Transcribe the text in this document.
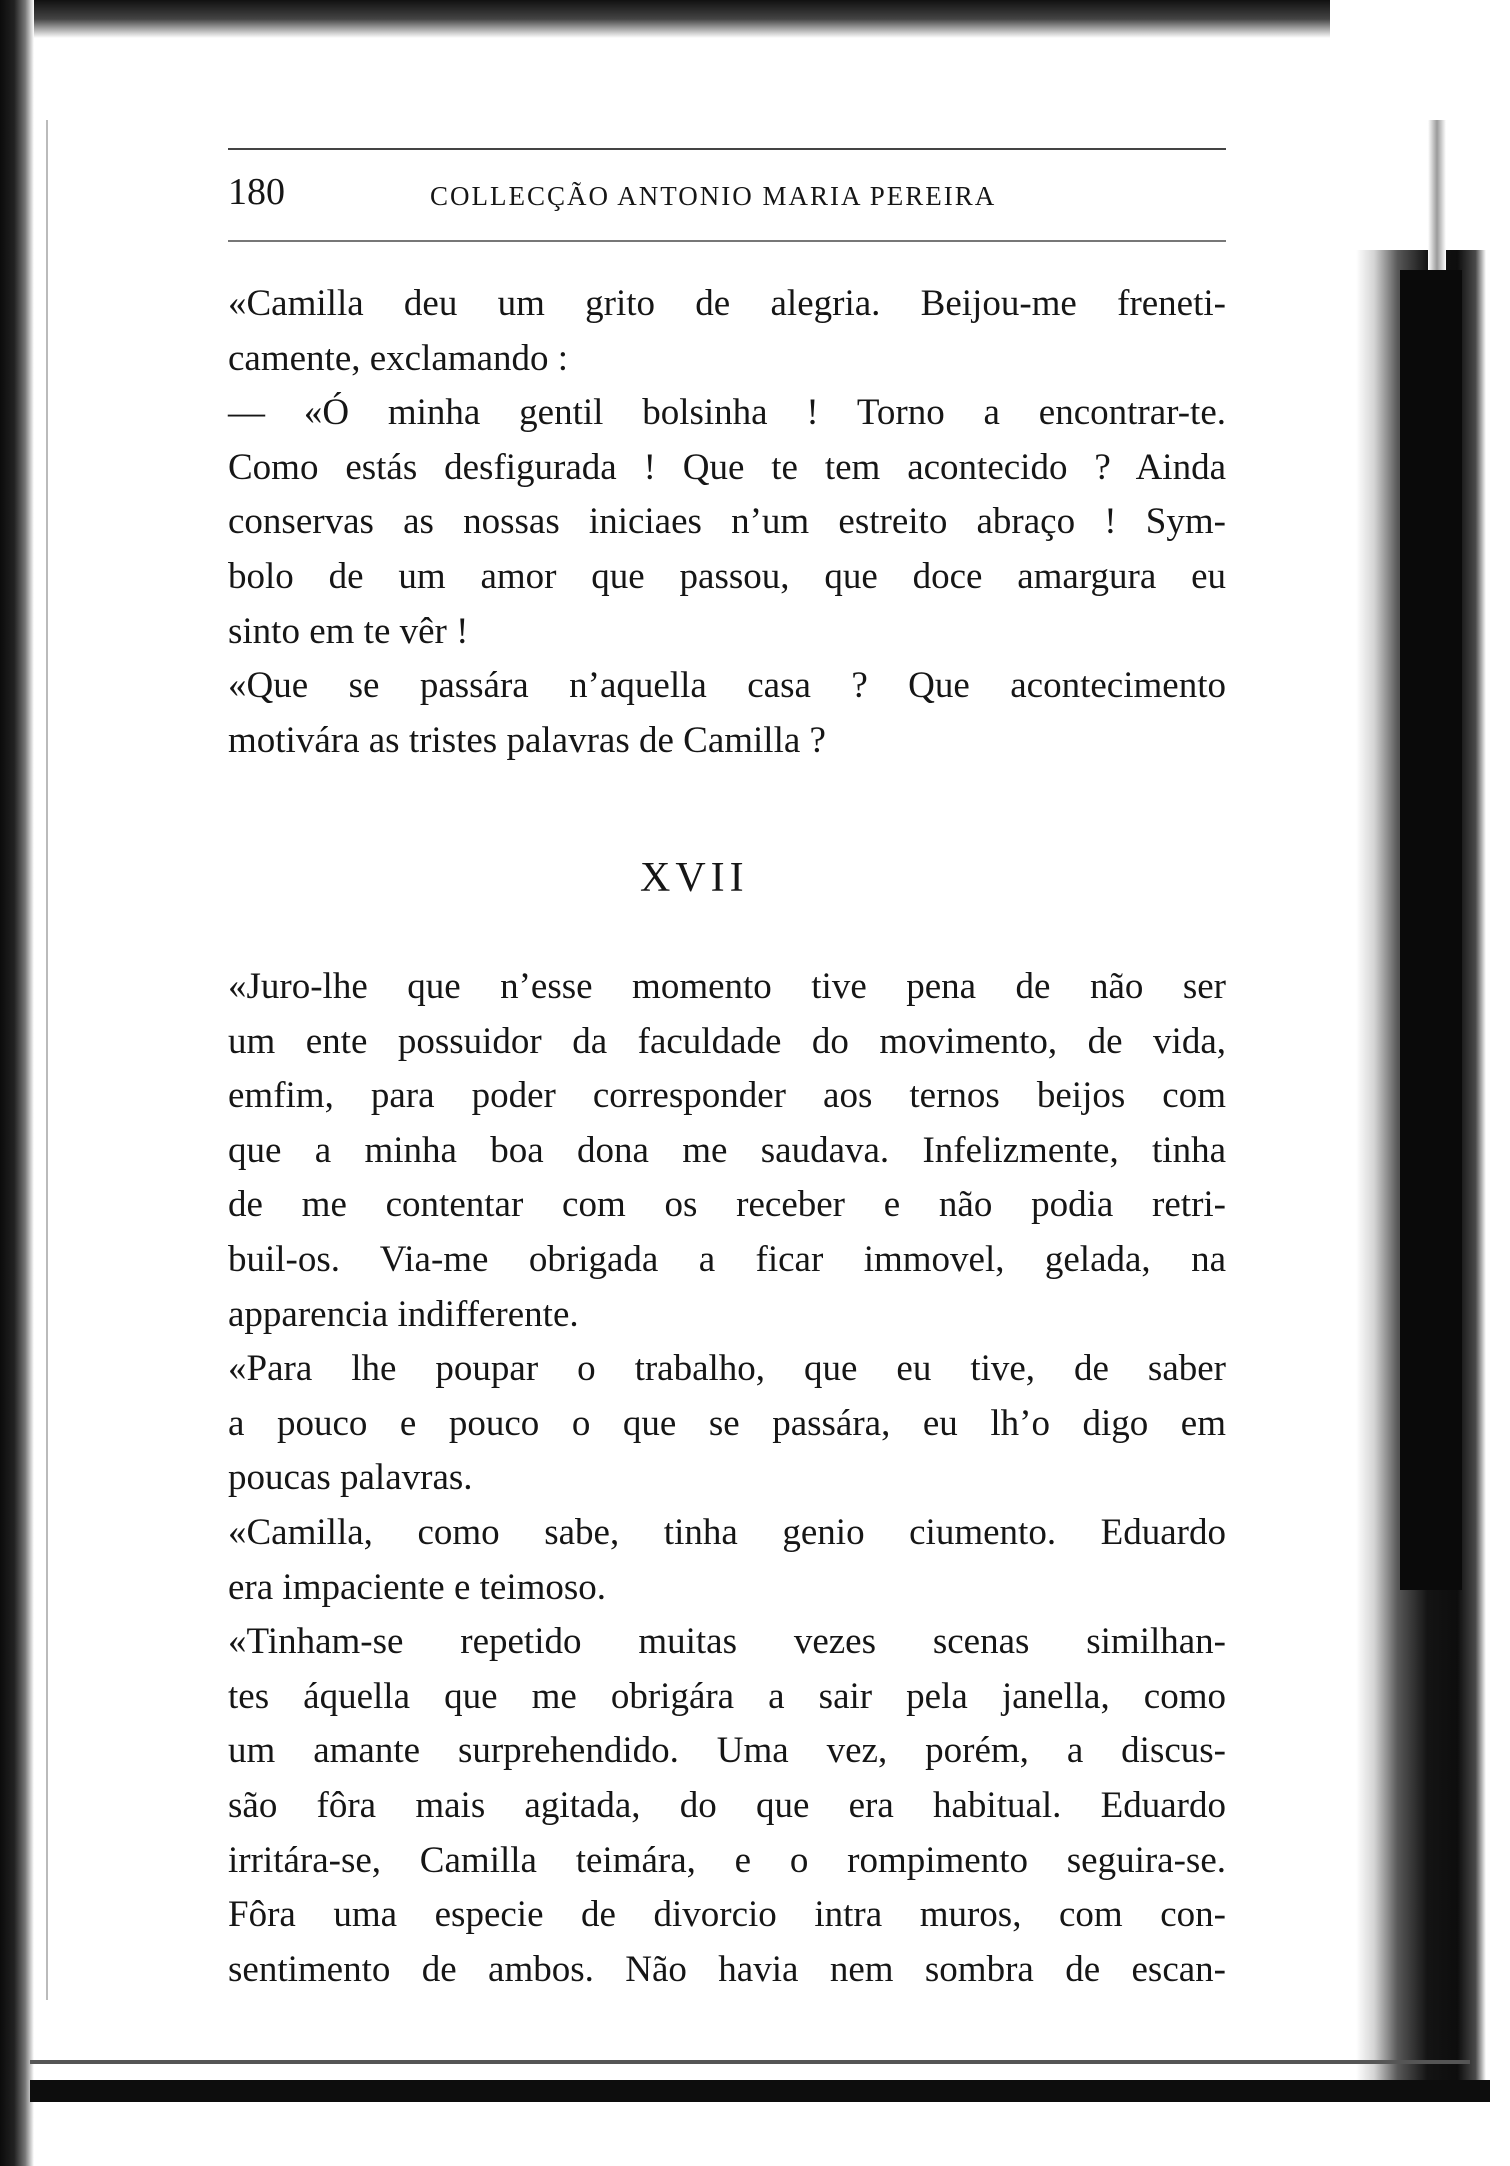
180	COLLECÇÃO ANTONIO MARIA PEREIRA
«Camilla deu um grito de alegria. Beijou-me freneti-
camente, exclamando :
— «Ó minha gentil bolsinha ! Torno a encontrar-te.
Como estás desfigurada ! Que te tem acontecido ? Ainda
conservas as nossas iniciaes n’um estreito abraço ! Sym-
bolo de um amor que passou, que doce amargura eu
sinto em te vêr !
«Que se passára n’aquella casa ? Que acontecimento
motivára as tristes palavras de Camilla ?
XVII
«Juro-lhe que n’esse momento tive pena de não ser
um ente possuidor da faculdade do movimento, de vida,
emfim, para poder corresponder aos ternos beijos com
que a minha boa dona me saudava. Infelizmente, tinha
de me contentar com os receber e não podia retri-
buil-os. Via-me obrigada a ficar immovel, gelada, na
apparencia indifferente.
«Para lhe poupar o trabalho, que eu tive, de saber
a pouco e pouco o que se passára, eu lh’o digo em
poucas palavras.
«Camilla, como sabe, tinha genio ciumento. Eduardo
era impaciente e teimoso.
«Tinham-se repetido muitas vezes scenas similhan-
tes áquella que me obrigára a sair pela janella, como
um amante surprehendido. Uma vez, porém, a discus-
são fôra mais agitada, do que era habitual. Eduardo
irritára-se, Camilla teimára, e o rompimento seguira-se.
Fôra uma especie de divorcio intra muros, com con-
sentimento de ambos. Não havia nem sombra de escan-
